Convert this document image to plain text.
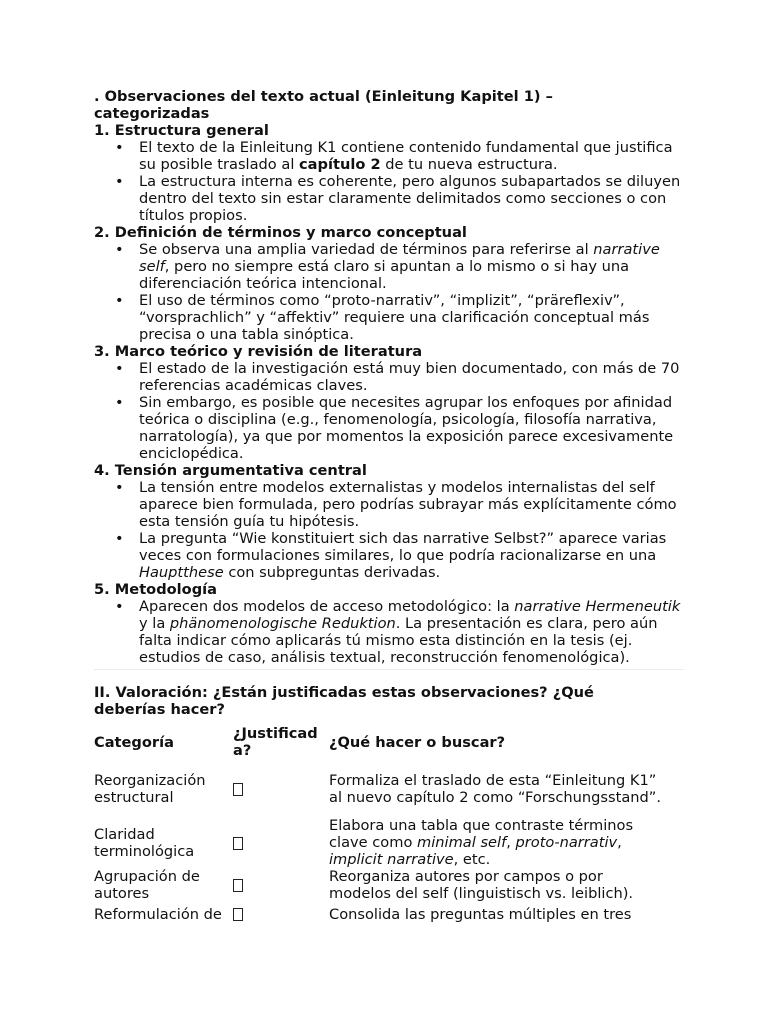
. Observaciones del texto actual (Einleitung Kapitel 1) – categorizadas
1. Estructura general
• El texto de la Einleitung K1 contiene contenido fundamental que justifica su posible traslado al capítulo 2 de tu nueva estructura.
• La estructura interna es coherente, pero algunos subapartados se diluyen dentro del texto sin estar claramente delimitados como secciones o con títulos propios.
2. Definición de términos y marco conceptual
• Se observa una amplia variedad de términos para referirse al narrative self, pero no siempre está claro si apuntan a lo mismo o si hay una diferenciación teórica intencional.
• El uso de términos como “proto-narrativ”, “implizit”, “präreflexiv”, “vorsprachlich” y “affektiv” requiere una clarificación conceptual más precisa o una tabla sinóptica.
3. Marco teórico y revisión de literatura
• El estado de la investigación está muy bien documentado, con más de 70 referencias académicas claves.
• Sin embargo, es posible que necesites agrupar los enfoques por afinidad teórica o disciplina (e.g., fenomenología, psicología, filosofía narrativa, narratología), ya que por momentos la exposición parece excesivamente enciclopédica.
4. Tensión argumentativa central
• La tensión entre modelos externalistas y modelos internalistas del self aparece bien formulada, pero podrías subrayar más explícitamente cómo esta tensión guía tu hipótesis.
• La pregunta “Wie konstituiert sich das narrative Selbst?” aparece varias veces con formulaciones similares, lo que podría racionalizarse en una Hauptthese con subpreguntas derivadas.
5. Metodología
• Aparecen dos modelos de acceso metodológico: la narrative Hermeneutik y la phänomenologische Reduktion. La presentación es clara, pero aún falta indicar cómo aplicarás tú mismo esta distinción en la tesis (ej. estudios de caso, análisis textual, reconstrucción fenomenológica).
II. Valoración: ¿Están justificadas estas observaciones? ¿Qué deberías hacer?
Categoría	¿Justificad a?	¿Qué hacer o buscar?
Reorganización estructural		Formaliza el traslado de esta “Einleitung K1” al nuevo capítulo 2 como “Forschungsstand”.
Claridad terminológica		Elabora una tabla que contraste términos clave como minimal self, proto-narrativ, implicit narrative, etc.
Agrupación de autores		Reorganiza autores por campos o por modelos del self (linguistisch vs. leiblich).
Reformulación de		Consolida las preguntas múltiples en tres
